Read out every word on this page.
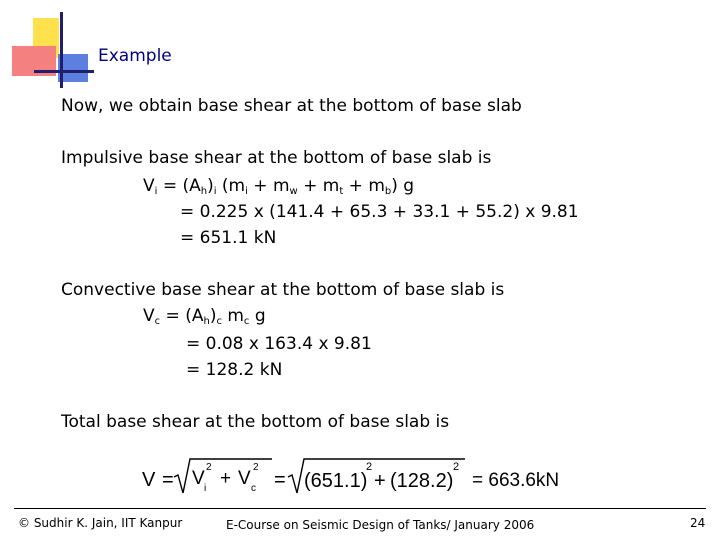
Example
Now, we obtain base shear at the bottom of base slab
Impulsive base shear at the bottom of base slab is
$V_i = (A_h)_i$ $(m_i + m_w + m_t + m_b)$ g
= 0.225 x (141.4 + 65.3 + 33.1 + 55.2) x 9.81
= 651.1 kN
Convective base shear at the bottom of base slab is
$V_c = (A_h)_c$ $m_c$ g
= 0.08 x 163.4 x 9.81
= 128.2 kN
Total base shear at the bottom of base slab is
V = V i
2
+ V c
2
= (651.1)
2
+ (128.2)
2
= 663.6kN
© Sudhir K. Jain, IIT Kanpur	E-Course on Seismic Design of Tanks/ January 2006	24
